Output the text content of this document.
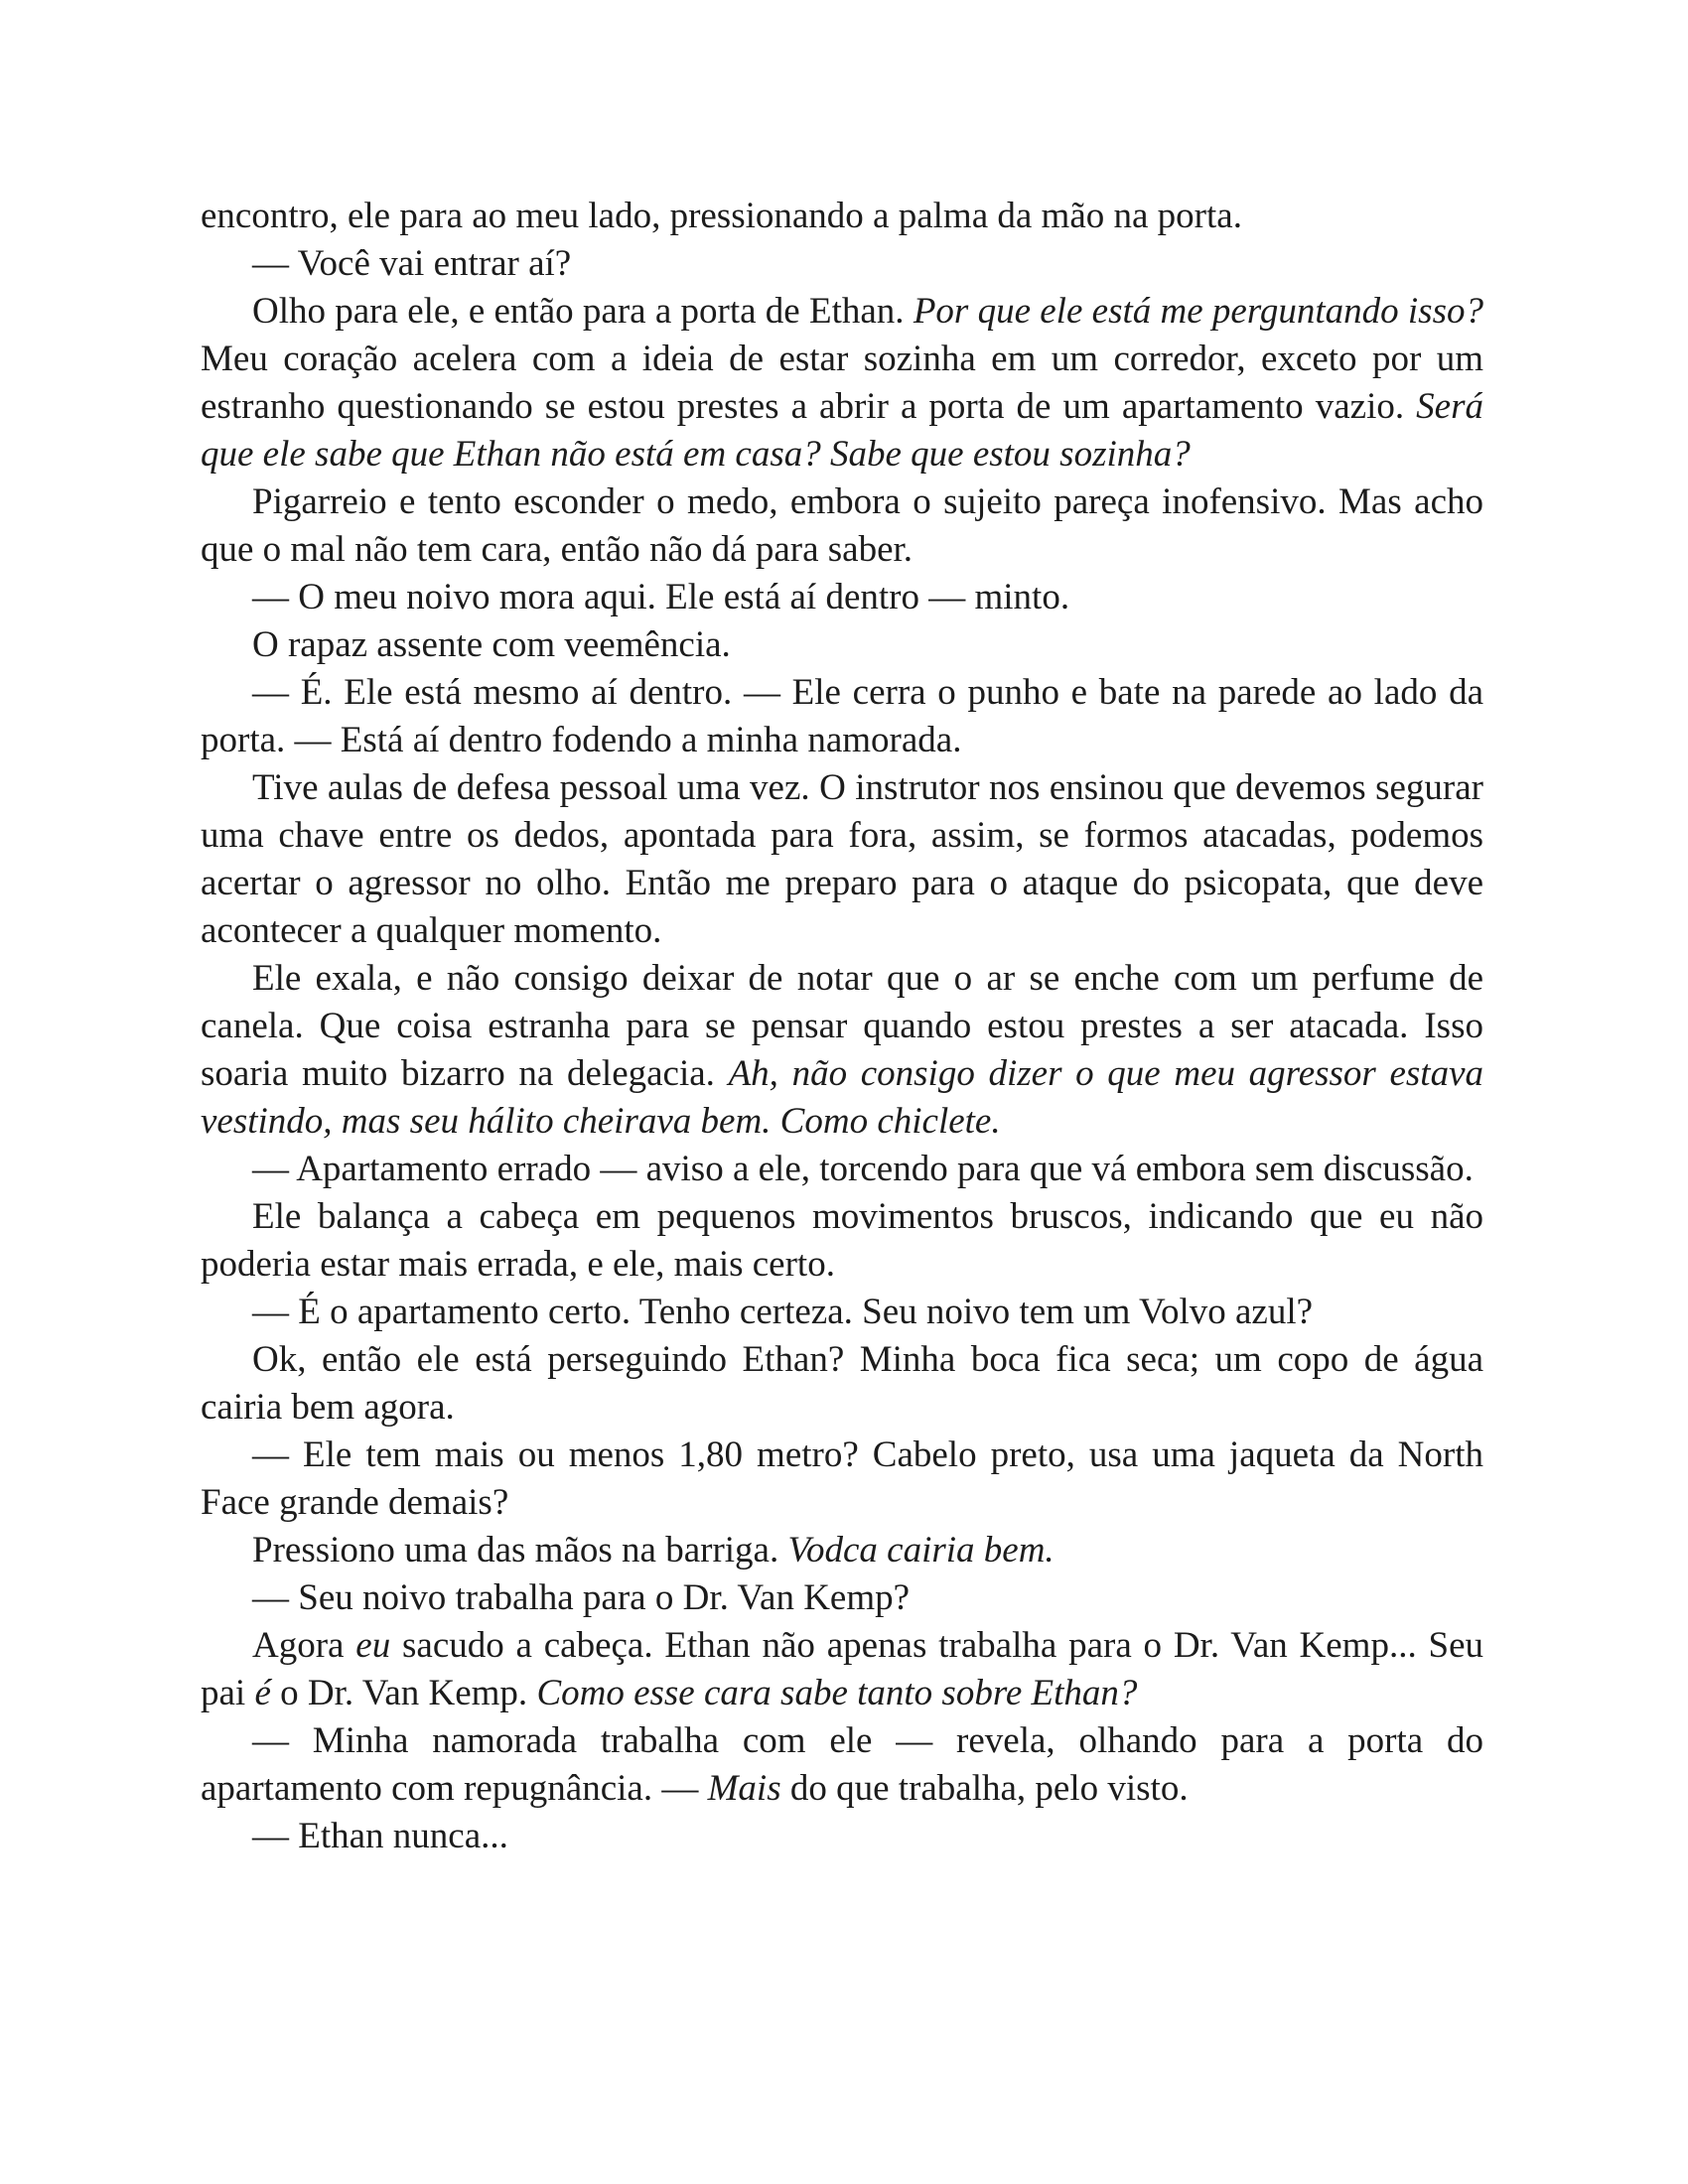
encontro, ele para ao meu lado, pressionando a palma da mão na porta.

— Você vai entrar aí?

Olho para ele, e então para a porta de Ethan. Por que ele está me perguntando isso? Meu coração acelera com a ideia de estar sozinha em um corredor, exceto por um estranho questionando se estou prestes a abrir a porta de um apartamento vazio. Será que ele sabe que Ethan não está em casa? Sabe que estou sozinha?

Pigarreio e tento esconder o medo, embora o sujeito pareça inofensivo. Mas acho que o mal não tem cara, então não dá para saber.

— O meu noivo mora aqui. Ele está aí dentro — minto.

O rapaz assente com veemência.

— É. Ele está mesmo aí dentro. — Ele cerra o punho e bate na parede ao lado da porta. — Está aí dentro fodendo a minha namorada.

Tive aulas de defesa pessoal uma vez. O instrutor nos ensinou que devemos segurar uma chave entre os dedos, apontada para fora, assim, se formos atacadas, podemos acertar o agressor no olho. Então me preparo para o ataque do psicopata, que deve acontecer a qualquer momento.

Ele exala, e não consigo deixar de notar que o ar se enche com um perfume de canela. Que coisa estranha para se pensar quando estou prestes a ser atacada. Isso soaria muito bizarro na delegacia. Ah, não consigo dizer o que meu agressor estava vestindo, mas seu hálito cheirava bem. Como chiclete.

— Apartamento errado — aviso a ele, torcendo para que vá embora sem discussão.

Ele balança a cabeça em pequenos movimentos bruscos, indicando que eu não poderia estar mais errada, e ele, mais certo.

— É o apartamento certo. Tenho certeza. Seu noivo tem um Volvo azul?

Ok, então ele está perseguindo Ethan? Minha boca fica seca; um copo de água cairia bem agora.

— Ele tem mais ou menos 1,80 metro? Cabelo preto, usa uma jaqueta da North Face grande demais?

Pressiono uma das mãos na barriga. Vodca cairia bem.

— Seu noivo trabalha para o Dr. Van Kemp?

Agora eu sacudo a cabeça. Ethan não apenas trabalha para o Dr. Van Kemp... Seu pai é o Dr. Van Kemp. Como esse cara sabe tanto sobre Ethan?

— Minha namorada trabalha com ele — revela, olhando para a porta do apartamento com repugnância. — Mais do que trabalha, pelo visto.

— Ethan nunca...
